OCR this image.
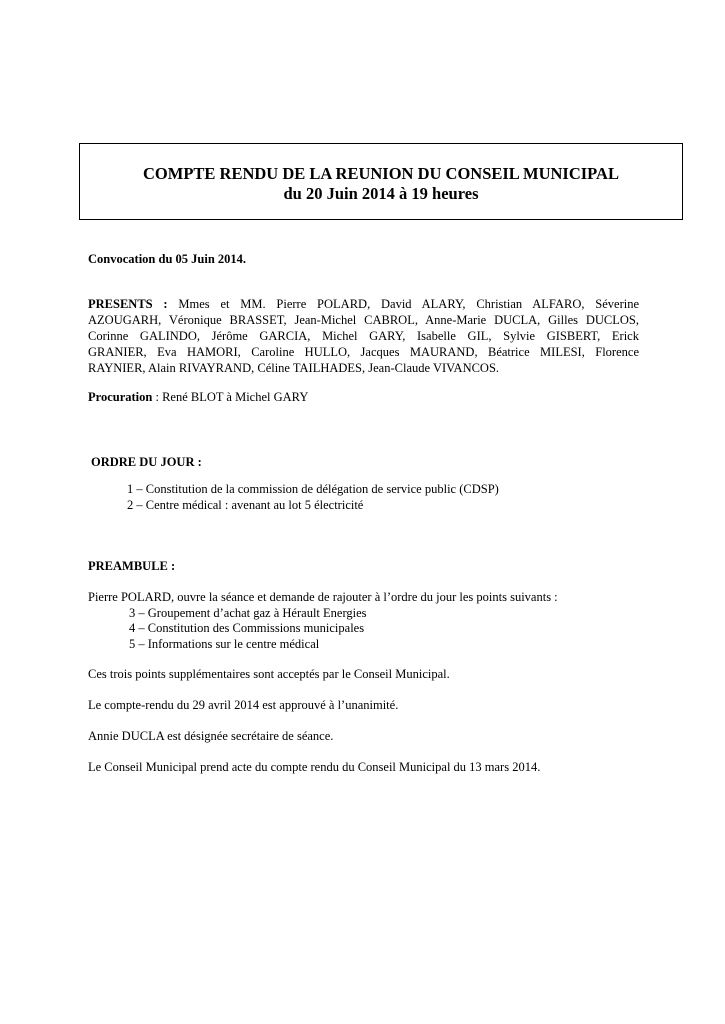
COMPTE RENDU DE LA REUNION DU CONSEIL MUNICIPAL
du 20 Juin 2014 à 19 heures
Convocation du 05 Juin 2014.
PRESENTS : Mmes et MM. Pierre POLARD, David ALARY, Christian ALFARO, Séverine
AZOUGARH, Véronique BRASSET, Jean-Michel CABROL, Anne-Marie DUCLA, Gilles DUCLOS,
Corinne GALINDO, Jérôme GARCIA, Michel GARY, Isabelle GIL, Sylvie GISBERT, Erick
GRANIER, Eva HAMORI, Caroline HULLO, Jacques MAURAND, Béatrice MILESI, Florence
RAYNIER, Alain RIVAYRAND, Céline TAILHADES, Jean-Claude VIVANCOS.
Procuration : René BLOT à Michel GARY
ORDRE DU JOUR :
1 – Constitution de la commission de délégation de service public (CDSP)
2 – Centre médical : avenant au lot 5 électricité
PREAMBULE :
Pierre POLARD, ouvre la séance et demande de rajouter à l’ordre du jour les points suivants :
3 – Groupement d’achat gaz à Hérault Energies
4 – Constitution des Commissions municipales
5 – Informations sur le centre médical
Ces trois points supplémentaires sont acceptés par le Conseil Municipal.
Le compte-rendu du 29 avril 2014 est approuvé à l’unanimité.
Annie DUCLA est désignée secrétaire de séance.
Le Conseil Municipal prend acte du compte rendu du Conseil Municipal du 13 mars 2014.
